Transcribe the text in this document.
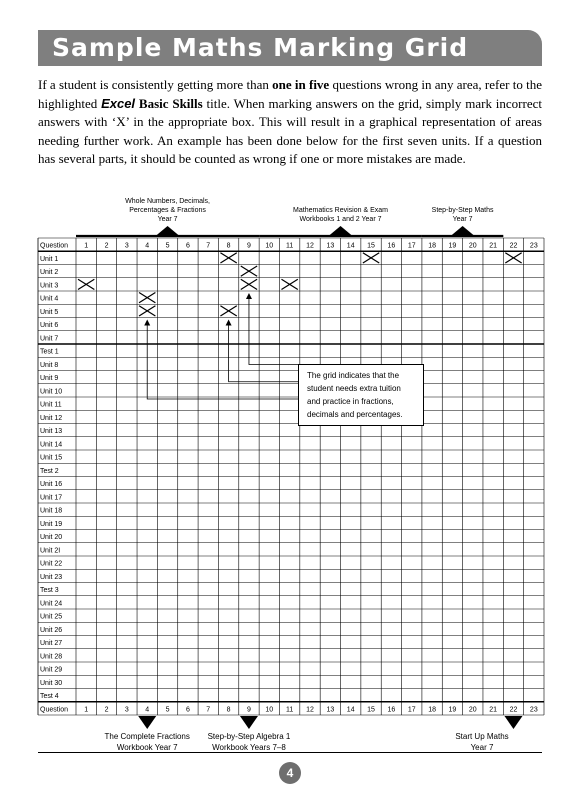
Sample Maths Marking Grid

If a student is consistently getting more than one in five questions wrong in any area, refer to the highlighted Excel Basic Skills title. When marking answers on the grid, simply mark incorrect answers with ‘X’ in the appropriate box. This will result in a graphical representation of areas needing further work. An example has been done below for the first seven units. If a question has several parts, it should be counted as wrong if one or more mistakes are made.

Whole Numbers, Decimals,
Percentages & Fractions
Year 7
Mathematics Revision & Exam
Workbooks 1 and 2 Year 7
Step-by-Step Maths
Year 7
Question
Unit 1
Unit 2
Unit 3
Unit 4
Unit 5
Unit 6
Unit 7
Test 1
Unit 8
Unit 9
Unit 10
Unit 11
Unit 12
Unit 13
Unit 14
Unit 15
Test 2
Unit 16
Unit 17
Unit 18
Unit 19
Unit 20
Unit 2I
Unit 22
Unit 23
Test 3
Unit 24
Unit 25
Unit 26
Unit 27
Unit 28
Unit 29
Unit 30
Test 4
Question
1
1
2
2
3
3
4
4
5
5
6
6
7
7
8
8
9
9
10
10
11
11
12
12
13
13
14
14
15
15
16
16
17
17
18
18
19
19
20
20
21
21
22
22
23
23
The grid indicates that the student needs extra tuition and practice in fractions, decimals and percentages.
The Complete Fractions
Workbook Year 7
Step-by-Step Algebra 1
Workbook Years 7–8
Start Up Maths
Year 7
4
